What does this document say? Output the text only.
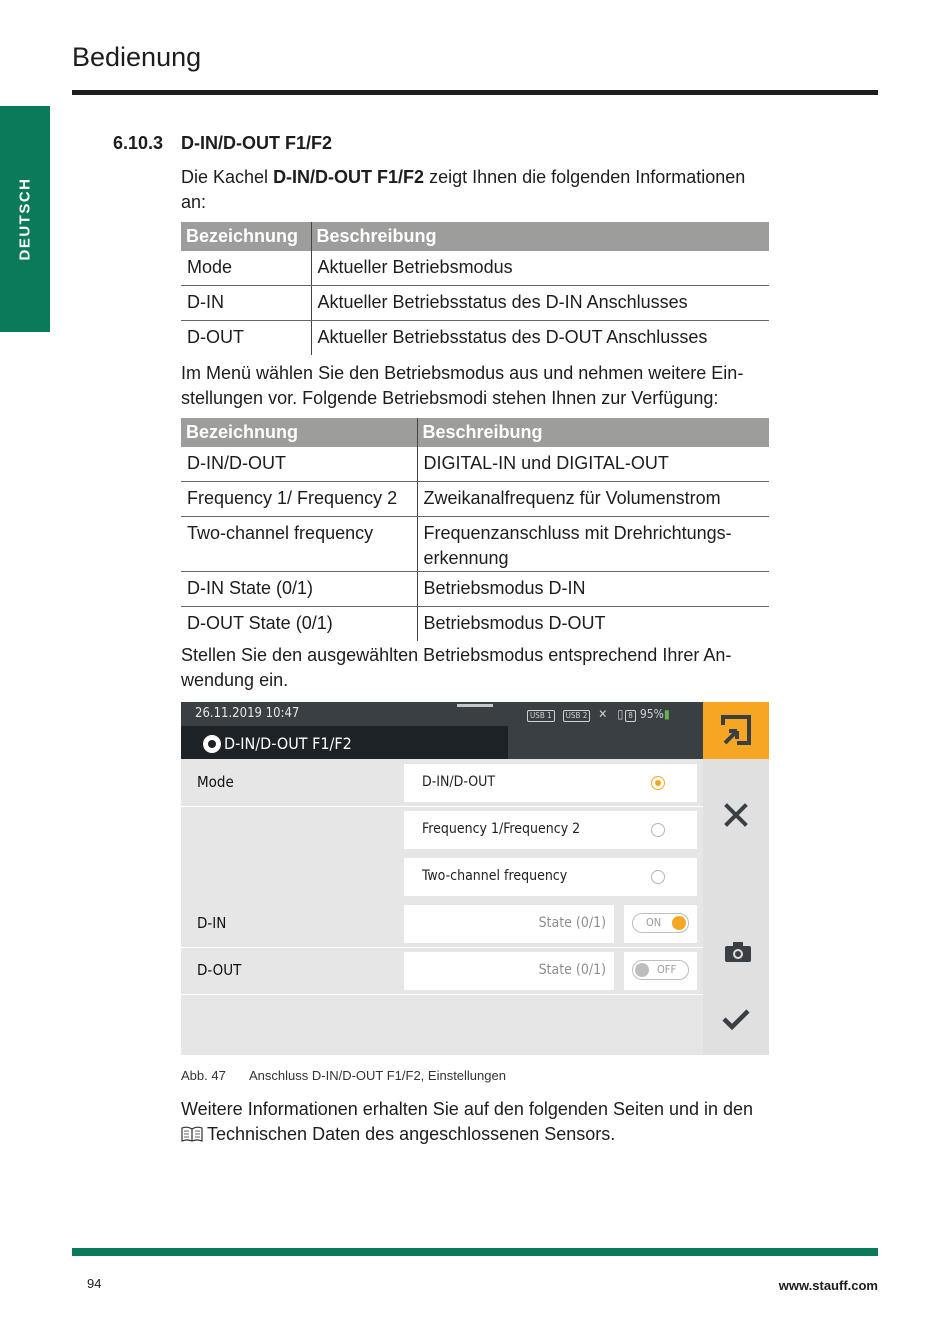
Bedienung
DEUTSCH
6.10.3 D-IN/D-OUT F1/F2
Die Kachel D-IN/D-OUT F1/F2 zeigt Ihnen die folgenden Informationen an:
Bezeichnung	Beschreibung
Mode	Aktueller Betriebsmodus
D-IN	Aktueller Betriebsstatus des D-IN Anschlusses
D-OUT	Aktueller Betriebsstatus des D-OUT Anschlusses
Im Menü wählen Sie den Betriebsmodus aus und nehmen weitere Ein-stellungen vor. Folgende Betriebsmodi stehen Ihnen zur Verfügung:
Bezeichnung	Beschreibung
D-IN/D-OUT	DIGITAL-IN und DIGITAL-OUT
Frequency 1/ Frequency 2	Zweikanalfrequenz für Volumenstrom
Two-channel frequency	Frequenzanschluss mit Drehrichtungs-erkennung
D-IN State (0/1)	Betriebsmodus D-IN
D-OUT State (0/1)	Betriebsmodus D-OUT
Stellen Sie den ausgewählten Betriebsmodus entsprechend Ihrer An-wendung ein.
26.11.2019 10:47	USB 1 USB 2 ✕ ▯ 8 95%▮
D-IN/D-OUT F1/F2
Mode	D-IN/D-OUT
Frequency 1/Frequency 2
Two-channel frequency
D-IN	State (0/1)	ON
D-OUT	State (0/1)	OFF
Abb. 47 Anschluss D-IN/D-OUT F1/F2, Einstellungen
Weitere Informationen erhalten Sie auf den folgenden Seiten und in den
Technischen Daten des angeschlossenen Sensors.
94	www.stauff.com
